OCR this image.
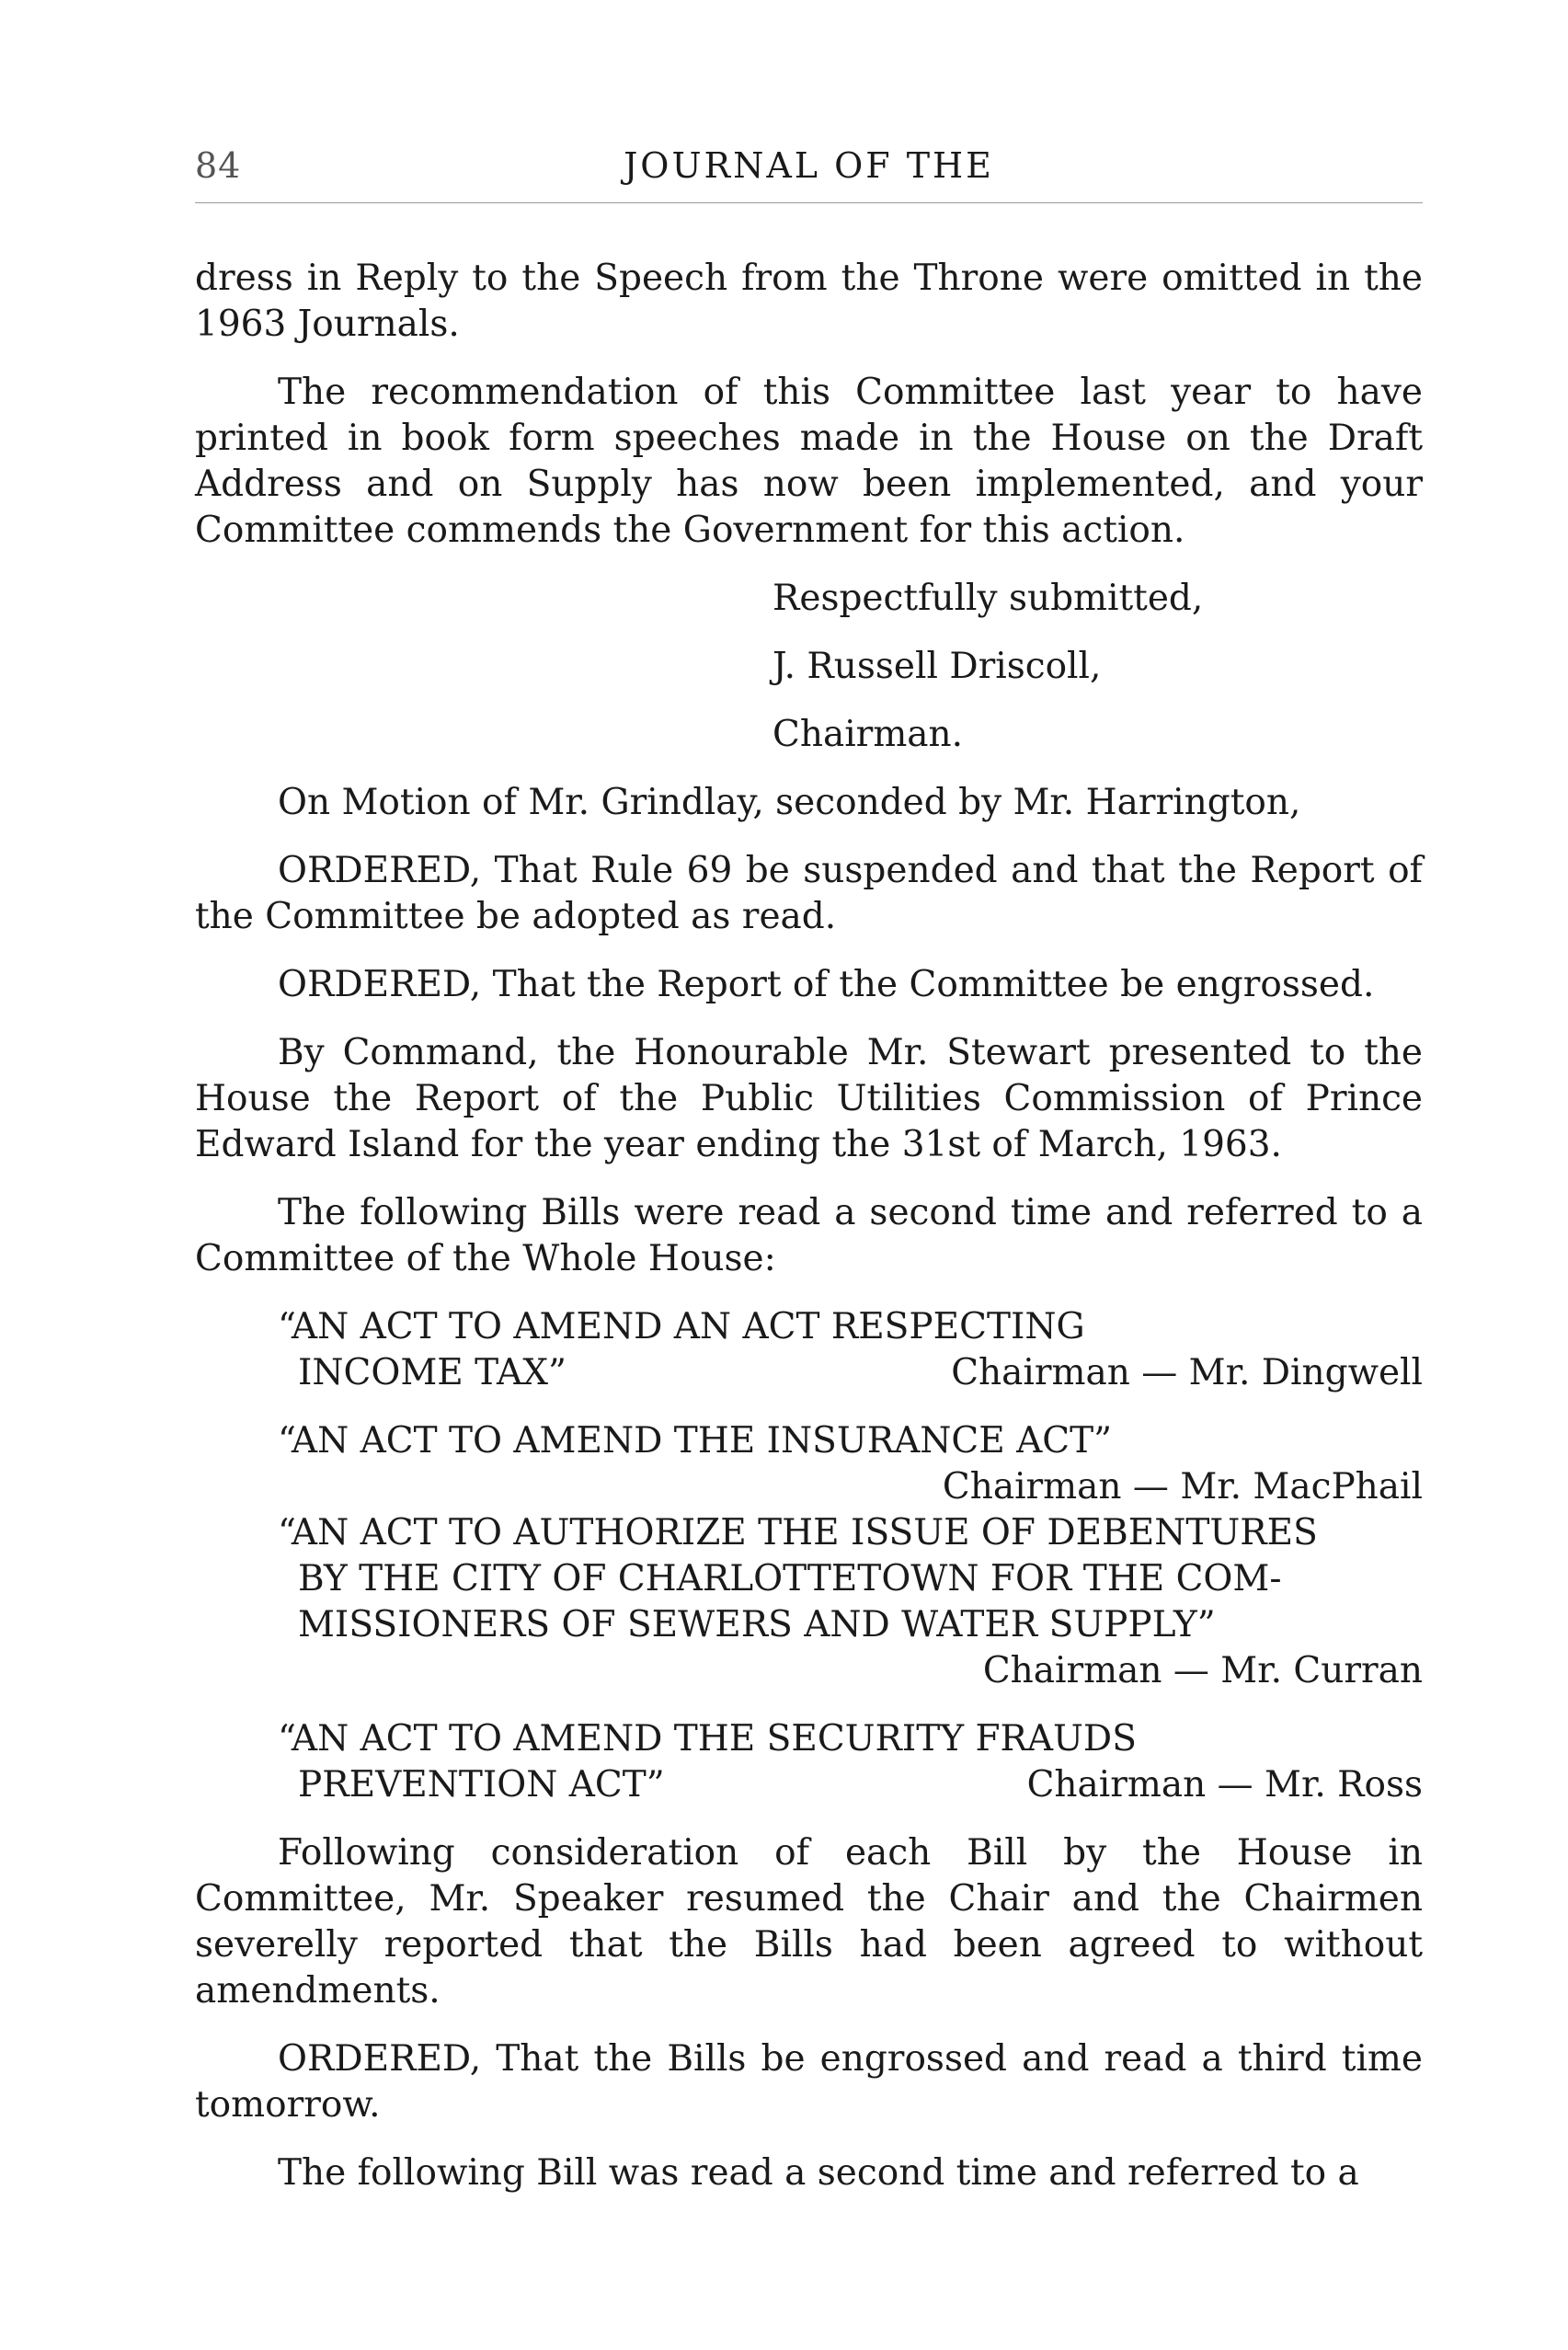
84	JOURNAL OF THE

dress in Reply to the Speech from the Throne were omitted in the 1963 Journals.

The recommendation of this Committee last year to have printed in book form speeches made in the House on the Draft Address and on Supply has now been implemented, and your Committee commends the Government for this action.

Respectfully submitted,
J. Russell Driscoll,
Chairman.

On Motion of Mr. Grindlay, seconded by Mr. Harrington,

ORDERED, That Rule 69 be suspended and that the Report of the Committee be adopted as read.

ORDERED, That the Report of the Committee be engrossed.

By Command, the Honourable Mr. Stewart presented to the House the Report of the Public Utilities Commission of Prince Edward Island for the year ending the 31st of March, 1963.

The following Bills were read a second time and referred to a Committee of the Whole House:

“AN ACT TO AMEND AN ACT RESPECTING
INCOME TAX”	Chairman — Mr. Dingwell
“AN ACT TO AMEND THE INSURANCE ACT”
Chairman — Mr. MacPhail
“AN ACT TO AUTHORIZE THE ISSUE OF DEBENTURES
BY THE CITY OF CHARLOTTETOWN FOR THE COM-
MISSIONERS OF SEWERS AND WATER SUPPLY”
Chairman — Mr. Curran
“AN ACT TO AMEND THE SECURITY FRAUDS
PREVENTION ACT”	Chairman — Mr. Ross

Following consideration of each Bill by the House in Committee, Mr. Speaker resumed the Chair and the Chairmen severelly reported that the Bills had been agreed to without amendments.

ORDERED, That the Bills be engrossed and read a third time tomorrow.

The following Bill was read a second time and referred to a
